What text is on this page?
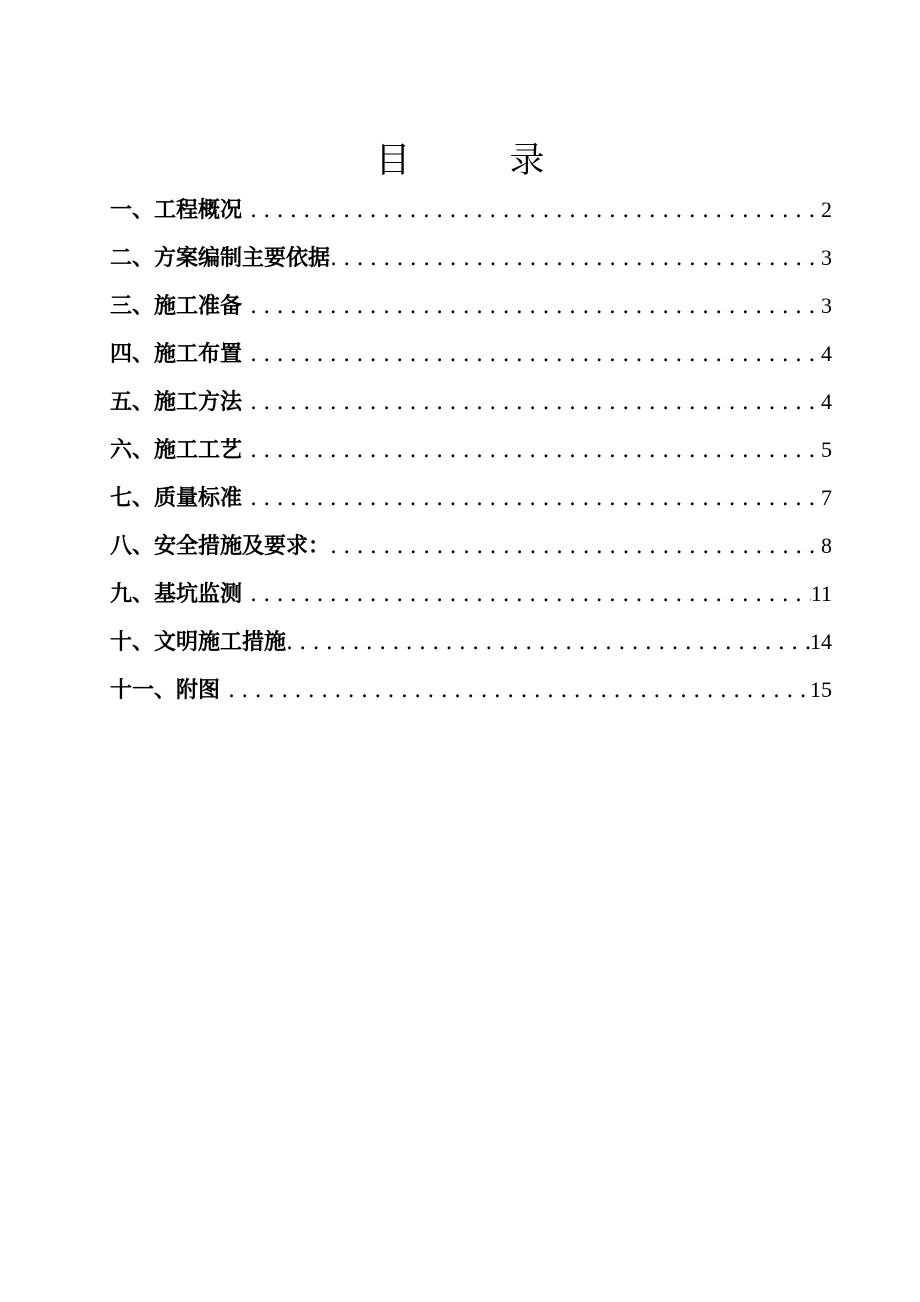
目 录
一、工程概况 .....	2
二、方案编制主要依据 .....	3
三、施工准备 .....	3
四、施工布置 .....	4
五、施工方法 .....	4
六、施工工艺 .....	5
七、质量标准 .....	7
八、安全措施及要求： .....	8
九、基坑监测 .....	11
十、文明施工措施 .....	14
十一、附图 .....	15
